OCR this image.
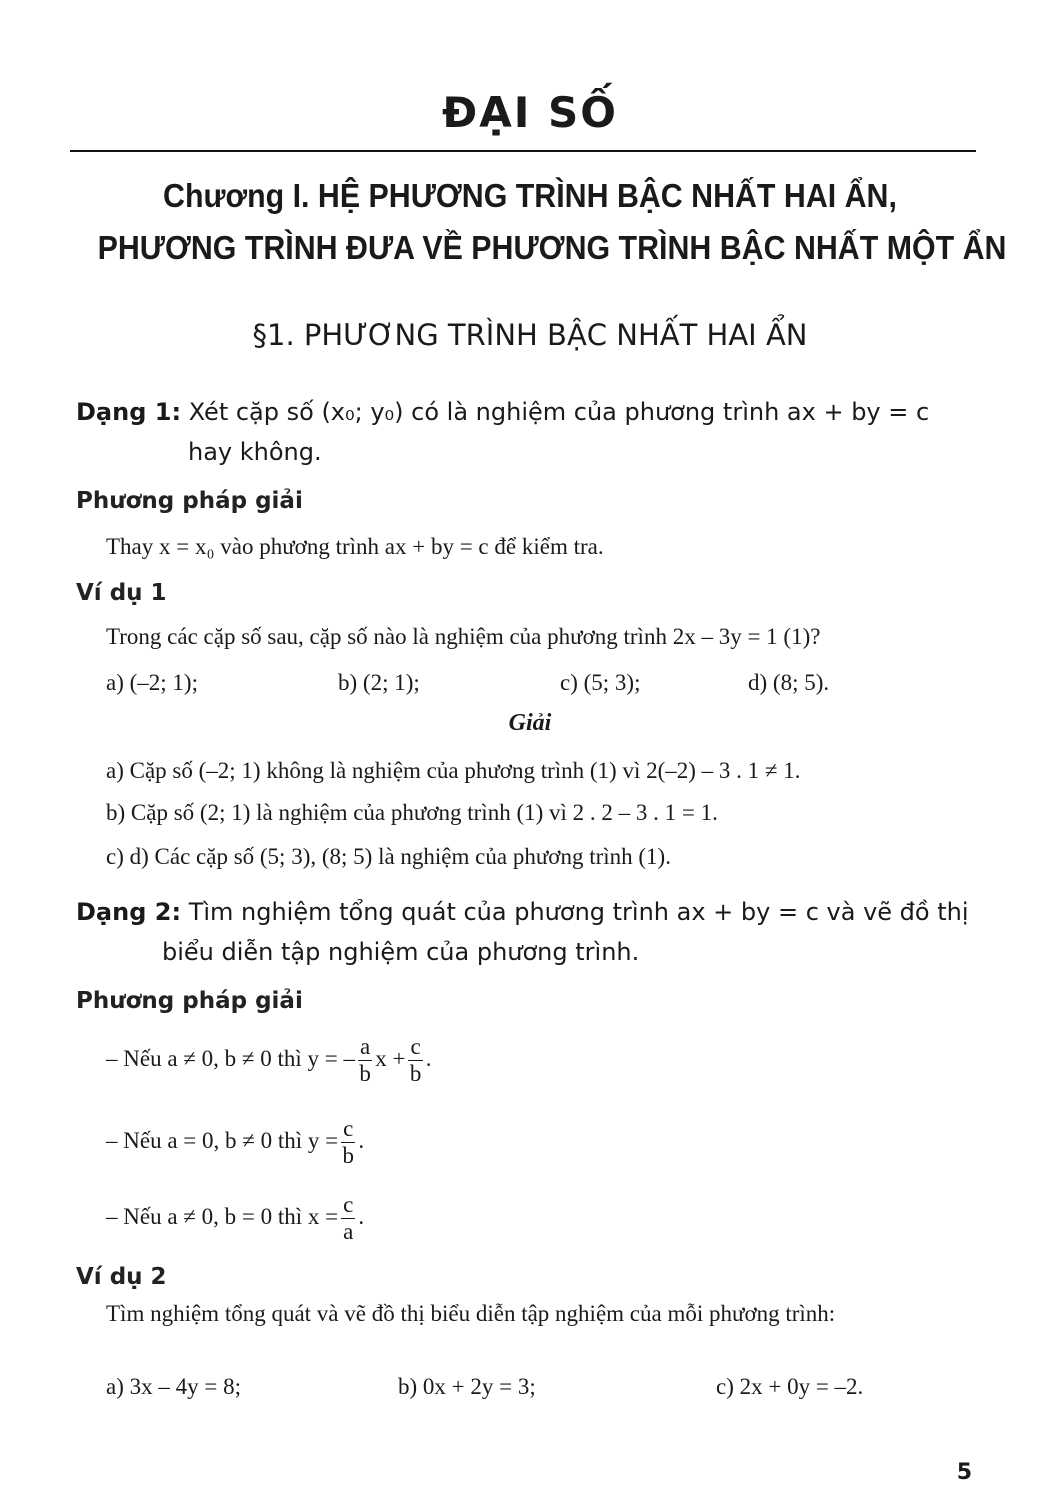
ĐẠI SỐ
Chương I. HỆ PHƯƠNG TRÌNH BẬC NHẤT HAI ẨN,
PHƯƠNG TRÌNH ĐƯA VỀ PHƯƠNG TRÌNH BẬC NHẤT MỘT ẨN
§1. PHƯƠNG TRÌNH BẬC NHẤT HAI ẨN
Dạng 1: Xét cặp số (x₀; y₀) có là nghiệm của phương trình ax + by = c
hay không.
Phương pháp giải
Thay x = x₀ vào phương trình ax + by = c để kiểm tra.
Ví dụ 1
Trong các cặp số sau, cặp số nào là nghiệm của phương trình 2x – 3y = 1 (1)?
a) (–2; 1);	b) (2; 1);	c) (5; 3);	d) (8; 5).
Giải
a) Cặp số (–2; 1) không là nghiệm của phương trình (1) vì 2(–2) – 3 . 1 ≠ 1.
b) Cặp số (2; 1) là nghiệm của phương trình (1) vì 2 . 2 – 3 . 1 = 1.
c) d) Các cặp số (5; 3), (8; 5) là nghiệm của phương trình (1).
Dạng 2: Tìm nghiệm tổng quát của phương trình ax + by = c và vẽ đồ thị
biểu diễn tập nghiệm của phương trình.
Phương pháp giải
– Nếu a ≠ 0, b ≠ 0 thì y = – $\frac{a}{b}$ $x + \frac{c}{b}$ .
– Nếu a = 0, b ≠ 0 thì $y = \frac{c}{b}$ .
– Nếu a ≠ 0, b = 0 thì $x = \frac{c}{a}$ .
Ví dụ 2
Tìm nghiệm tổng quát và vẽ đồ thị biểu diễn tập nghiệm của mỗi phương trình:
a) 3x – 4y = 8;	b) 0x + 2y = 3;	c) 2x + 0y = –2.
5
